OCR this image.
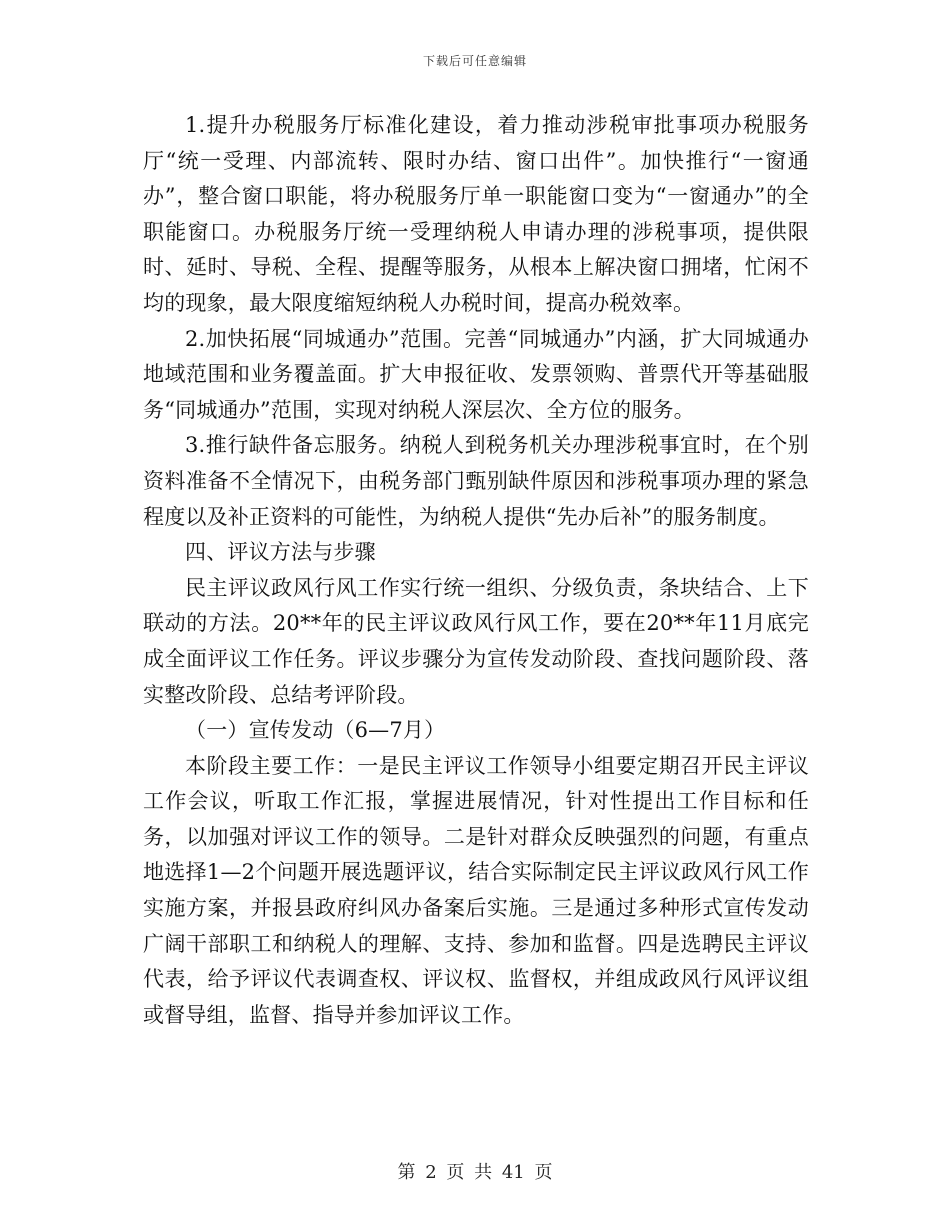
下载后可任意编辑

1.提升办税服务厅标准化建设，着力推动涉税审批事项办税服务厅“统一受理、内部流转、限时办结、窗口出件”。加快推行“一窗通办”，整合窗口职能，将办税服务厅单一职能窗口变为“一窗通办”的全职能窗口。办税服务厅统一受理纳税人申请办理的涉税事项，提供限时、延时、导税、全程、提醒等服务，从根本上解决窗口拥堵，忙闲不均的现象，最大限度缩短纳税人办税时间，提高办税效率。

2.加快拓展“同城通办”范围。完善“同城通办”内涵，扩大同城通办地域范围和业务覆盖面。扩大申报征收、发票领购、普票代开等基础服务“同城通办”范围，实现对纳税人深层次、全方位的服务。

3.推行缺件备忘服务。纳税人到税务机关办理涉税事宜时，在个别资料准备不全情况下，由税务部门甄别缺件原因和涉税事项办理的紧急程度以及补正资料的可能性，为纳税人提供“先办后补”的服务制度。

四、评议方法与步骤

民主评议政风行风工作实行统一组织、分级负责，条块结合、上下联动的方法。20**年的民主评议政风行风工作，要在20**年11月底完成全面评议工作任务。评议步骤分为宣传发动阶段、查找问题阶段、落实整改阶段、总结考评阶段。

（一）宣传发动（6—7月）

本阶段主要工作：一是民主评议工作领导小组要定期召开民主评议工作会议，听取工作汇报，掌握进展情况，针对性提出工作目标和任务，以加强对评议工作的领导。二是针对群众反映强烈的问题，有重点地选择1—2个问题开展选题评议，结合实际制定民主评议政风行风工作实施方案，并报县政府纠风办备案后实施。三是通过多种形式宣传发动广阔干部职工和纳税人的理解、支持、参加和监督。四是选聘民主评议代表，给予评议代表调查权、评议权、监督权，并组成政风行风评议组或督导组，监督、指导并参加评议工作。

第 2 页 共 41 页
